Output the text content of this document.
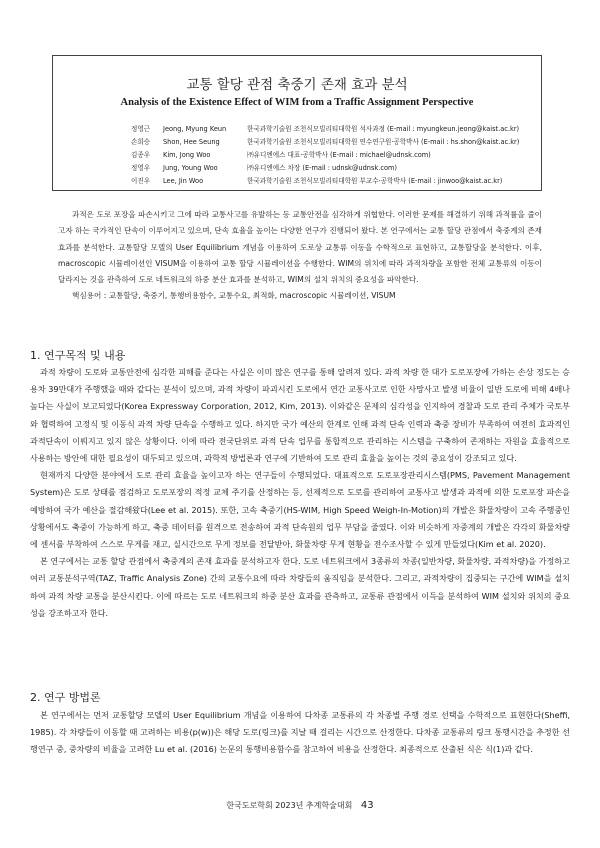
교통 할당 관점 축중기 존재 효과 분석
Analysis of the Existence Effect of WIM from a Traffic Assignment Perspective
정영근	Jeong, Myung Keun	한국과학기술원 조천식모빌리티대학원 석사과정 (E-mail : myungkeun.jeong@kaist.ac.kr)
손희승	Shon, Hee Seung	한국과학기술원 조천식모빌리티대학원 연수연구원·공학박사 (E-mail : hs.shon@kaist.ac.kr)
김종우	Kim, Jong Woo	㈜유디엔에스 대표·공학박사 (E-mail : michael@udnsk.com)
정영우	Jung, Young Woo	㈜유디엔에스 차장 (E-mail : udnsk@udnsk.com)
이진우	Lee, Jin Woo	한국과학기술원 조천식모빌리티대학원 부교수·공학박사 (E-mail : jinwoo@kaist.ac.kr)

과적은 도로 포장을 파손시키고 그에 따라 교통사고를 유발하는 등 교통안전을 심각하게 위협한다. 이러한 문제를 해결하기 위해 과적률을 줄이고자 하는 국가적인 단속이 이루어지고 있으며, 단속 효율을 높이는 다양한 연구가 진행되어 왔다. 본 연구에서는 교통 할당 관점에서 축중계의 존재 효과를 분석한다. 교통할당 모델의 User Equilibrium 개념을 이용하여 도로상 교통류 이동을 수학적으로 표현하고, 교통할당을 분석한다. 이후, macroscopic 시뮬레이션인 VISUM을 이용하여 교통 할당 시뮬레이션을 수행한다. WIM의 위치에 따라 과적차량을 포함한 전체 교통류의 이동이 달라지는 것을 관측하여 도로 네트워크의 하중 분산 효과를 분석하고, WIM의 설치 위치의 중요성을 파악한다.

핵심용어 : 교통할당, 축중기, 통행비용함수, 교통수요, 최적화, macroscopic 시뮬레이션, VISUM

1. 연구목적 및 내용

과적 차량이 도로와 교통안전에 심각한 피해를 준다는 사실은 이미 많은 연구를 통해 알려져 있다. 과적 차량 한 대가 도로포장에 가하는 손상 정도는 승용차 39만대가 주행했을 때와 같다는 분석이 있으며, 과적 차량이 파괴시킨 도로에서 연간 교통사고로 인한 사망사고 발생 비율이 일반 도로에 비해 4배나 높다는 사실이 보고되었다(Korea Expressway Corporation, 2012, Kim, 2013). 이와같은 문제의 심각성을 인지하여 경찰과 도로 관리 주체가 국토부와 협력하여 고정식 및 이동식 과적 차량 단속을 수행하고 있다. 하지만 국가 예산의 한계로 인해 과적 단속 인력과 축중 장비가 부족하여 여전히 효과적인 과적단속이 이뤄지고 있지 않은 상황이다. 이에 따라 전국단위로 과적 단속 업무를 통합적으로 관리하는 시스템을 구축하여 존재하는 자원을 효율적으로 사용하는 방안에 대한 필요성이 대두되고 있으며, 과학적 방법론과 연구에 기반하여 도로 관리 효율을 높이는 것의 중요성이 강조되고 있다.

현재까지 다양한 분야에서 도로 관리 효율을 높이고자 하는 연구들이 수행되었다. 대표적으로 도로포장관리시스템(PMS, Pavement Management System)은 도로 상태를 점검하고 도로포장의 적정 교체 주기를 산정하는 등, 선제적으로 도로를 관리하여 교통사고 발생과 과적에 의한 도로포장 파손을 예방하여 국가 예산을 절감해왔다(Lee et al. 2015). 또한, 고속 축중기(HS-WIM, High Speed Weigh-In-Motion)의 개발은 화물차량이 고속 주행중인 상황에서도 축중이 가능하게 하고, 축중 데이터를 원격으로 전송하여 과적 단속원의 업무 부담을 줄였다. 이와 비슷하게 자중계의 개발은 각각의 화물차량에 센서를 부착하여 스스로 무게를 재고, 실시간으로 무게 정보를 전달받아, 화물차량 무게 현황을 전수조사할 수 있게 만들었다(Kim et al. 2020).

본 연구에서는 교통 할당 관점에서 축중계의 존재 효과를 분석하고자 한다. 도로 네트워크에서 3종류의 차종(일반차량, 화물차량, 과적차량)을 가정하고 여러 교통분석구역(TAZ, Traffic Analysis Zone) 간의 교통수요에 따라 차량들의 움직임을 분석한다. 그리고, 과적차량이 집중되는 구간에 WIM을 설치하여 과적 차량 교통을 분산시킨다. 이에 따르는 도로 네트워크의 하중 분산 효과를 관측하고, 교통류 관점에서 이득을 분석하여 WIM 설치와 위치의 중요성을 강조하고자 한다.

2. 연구 방법론

본 연구에서는 먼저 교통할당 모델의 User Equilibrium 개념을 이용하여 다차종 교통류의 각 차종별 주행 경로 선택을 수학적으로 표현한다(Sheffi, 1985). 각 차량들이 이동할 때 고려하는 비용(p(w))은 해당 도로(링크)를 지날 때 걸리는 시간으로 산정한다. 다차종 교통류의 링크 통행시간을 추정한 선행연구 중, 중차량의 비율을 고려한 Lu et al. (2016) 논문의 통행비용함수를 참고하여 비용을 산정한다. 최종적으로 산출된 식은 식(1)과 같다.

한국도로학회 2023년 추계학술대회 43
